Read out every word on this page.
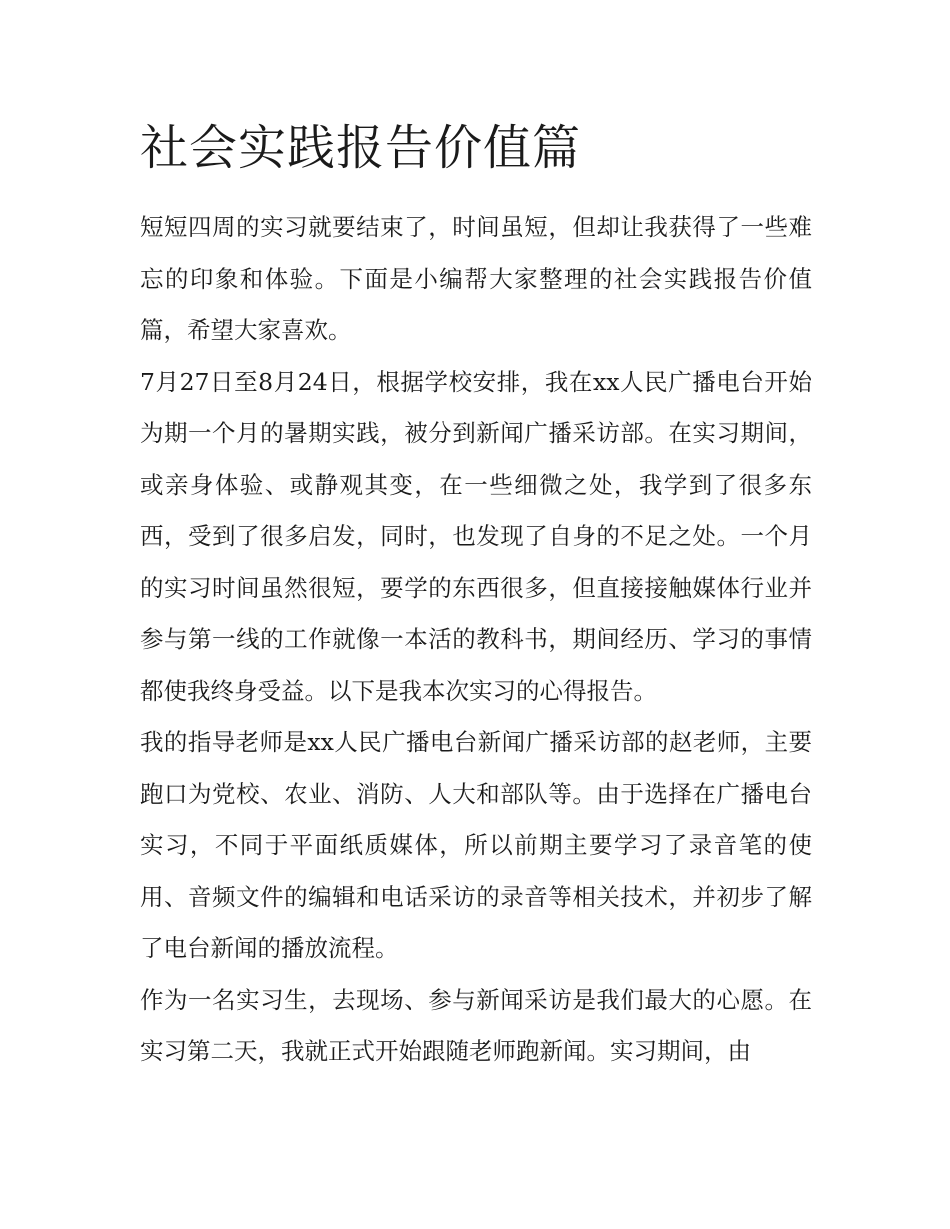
社会实践报告价值篇

短短四周的实习就要结束了，时间虽短，但却让我获得了一些难忘的印象和体验。下面是小编帮大家整理的社会实践报告价值篇，希望大家喜欢。

7月27日至8月24日，根据学校安排，我在xx人民广播电台开始为期一个月的暑期实践，被分到新闻广播采访部。在实习期间，或亲身体验、或静观其变，在一些细微之处，我学到了很多东西，受到了很多启发，同时，也发现了自身的不足之处。一个月的实习时间虽然很短，要学的东西很多，但直接接触媒体行业并参与第一线的工作就像一本活的教科书，期间经历、学习的事情都使我终身受益。以下是我本次实习的心得报告。

我的指导老师是xx人民广播电台新闻广播采访部的赵老师，主要跑口为党校、农业、消防、人大和部队等。由于选择在广播电台实习，不同于平面纸质媒体，所以前期主要学习了录音笔的使用、音频文件的编辑和电话采访的录音等相关技术，并初步了解了电台新闻的播放流程。

作为一名实习生，去现场、参与新闻采访是我们最大的心愿。在实习第二天，我就正式开始跟随老师跑新闻。实习期间，由
